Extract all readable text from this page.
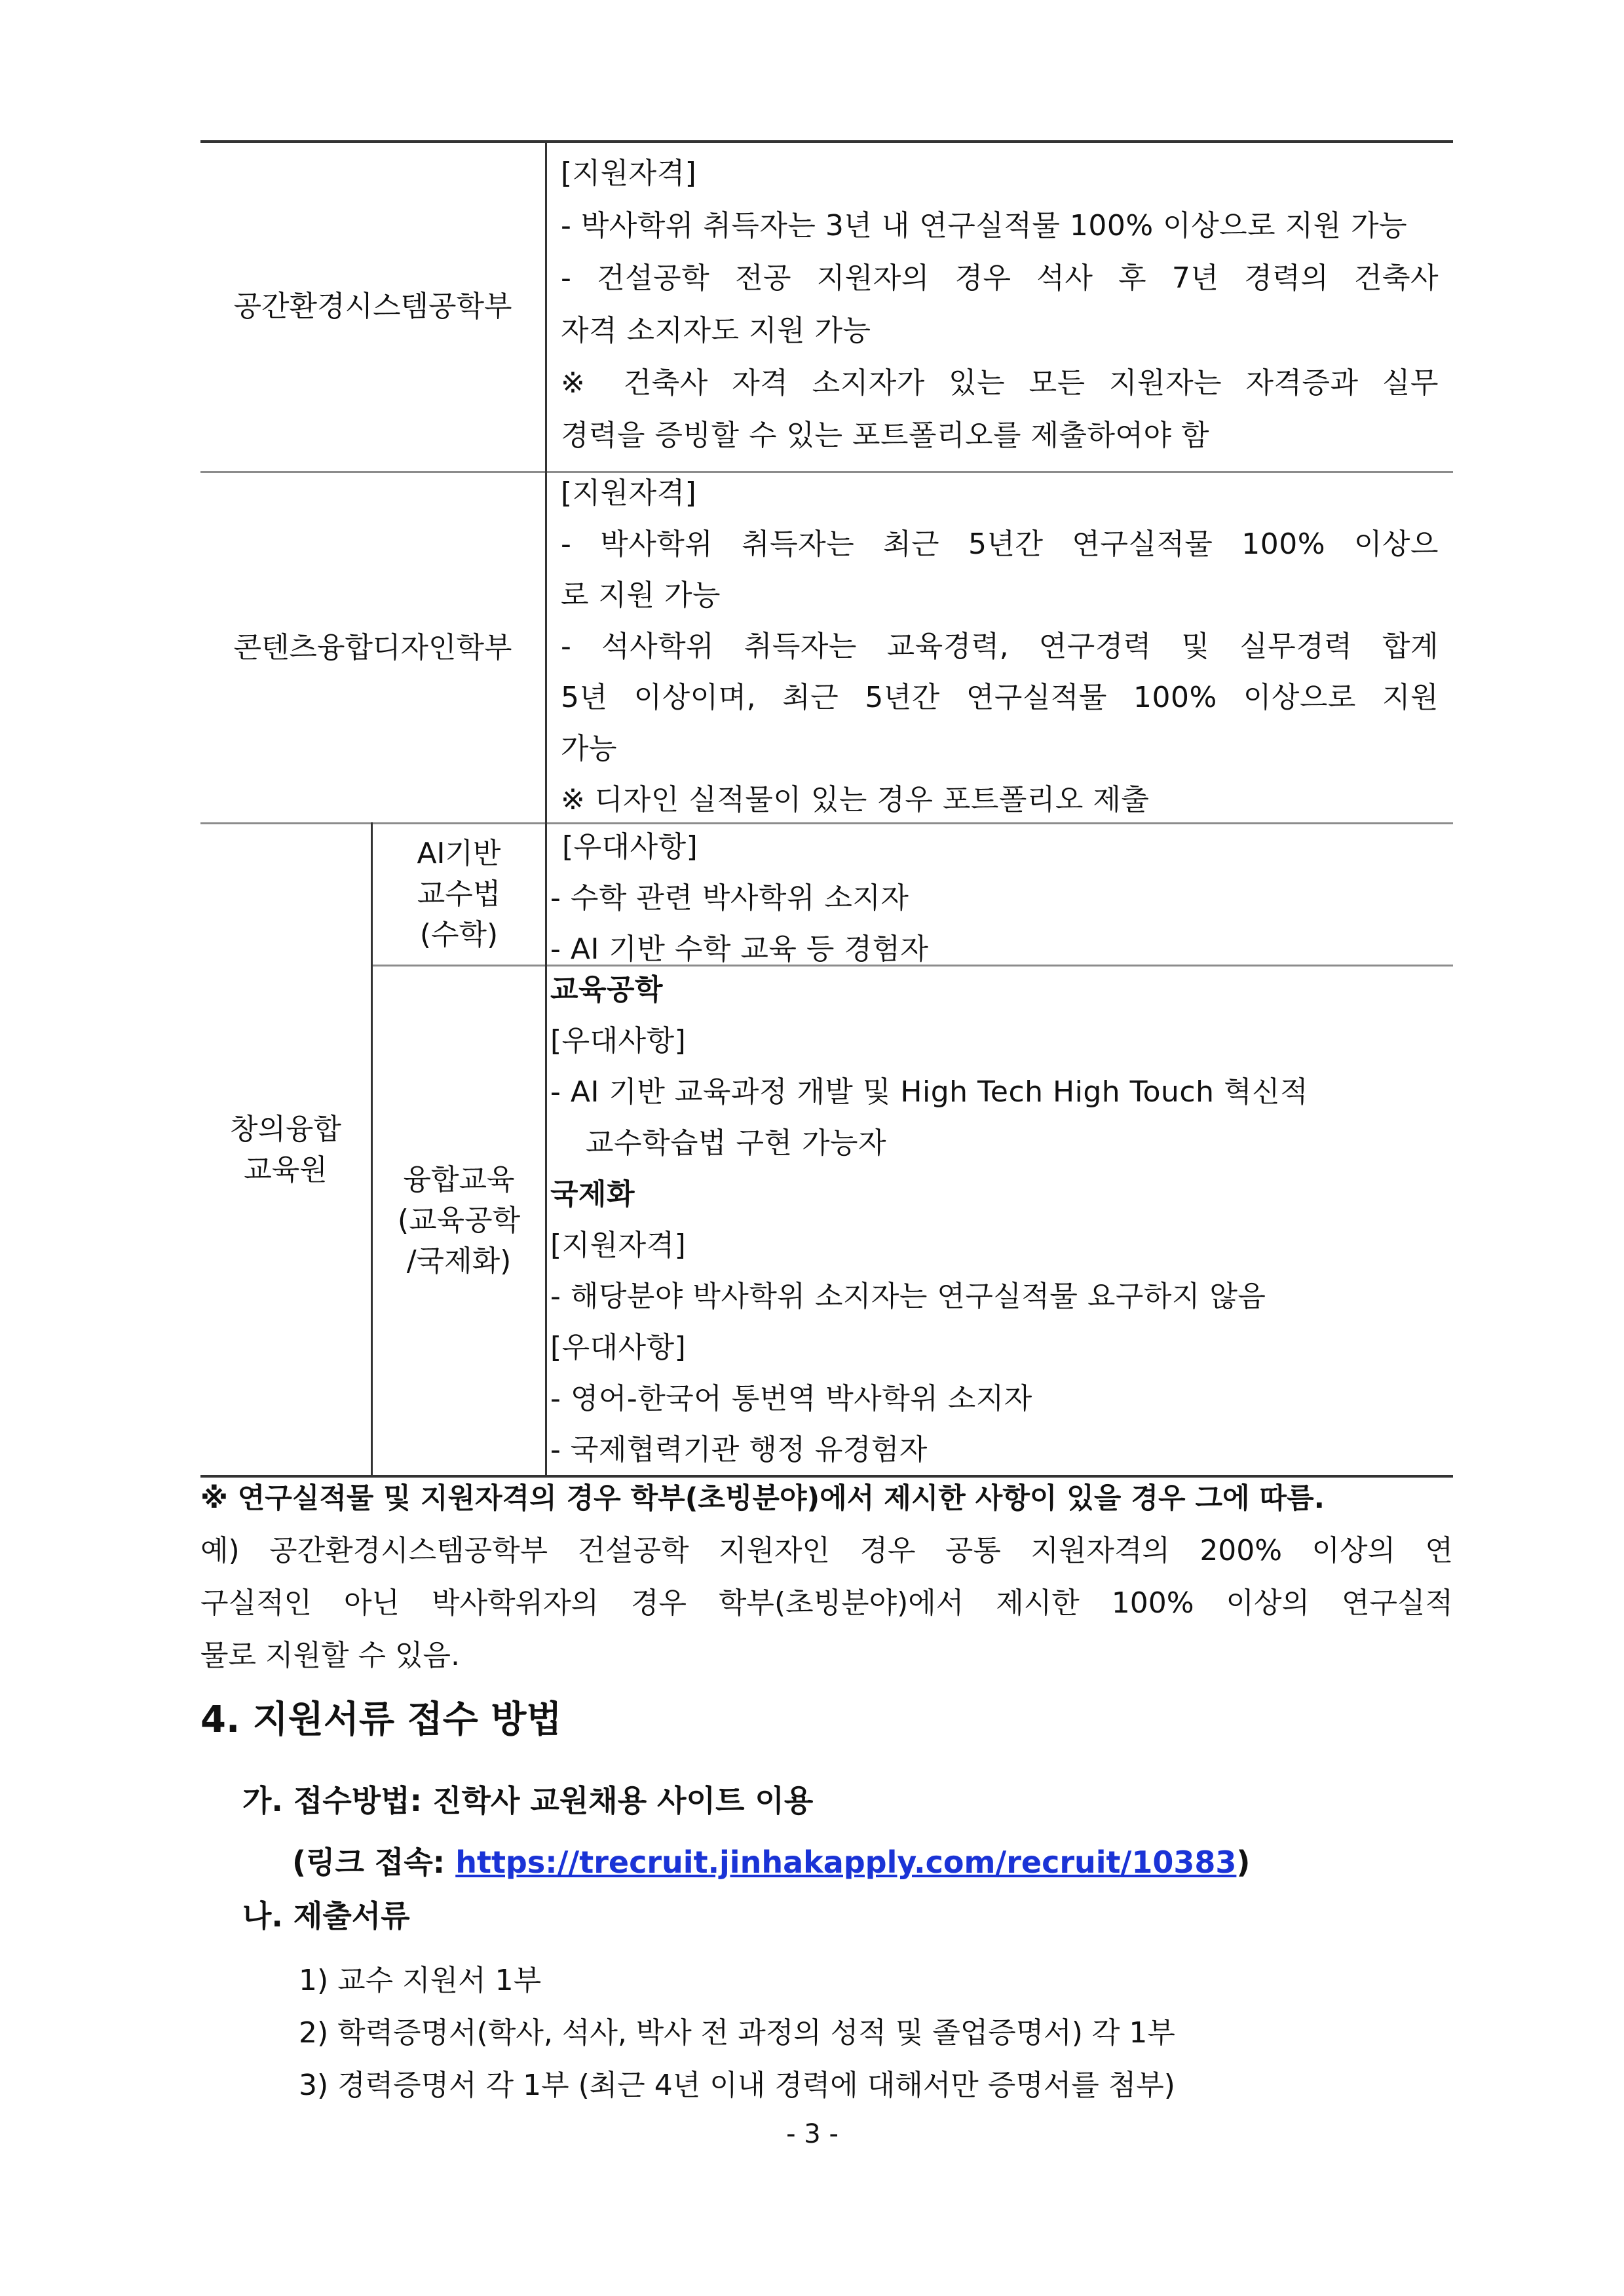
공간환경시스템공학부
[지원자격]
- 박사학위 취득자는 3년 내 연구실적물 100% 이상으로 지원 가능
- 건설공학 전공 지원자의 경우 석사 후 7년 경력의 건축사
자격 소지자도 지원 가능
※ 건축사 자격 소지자가 있는 모든 지원자는 자격증과 실무
경력을 증빙할 수 있는 포트폴리오를 제출하여야 함
콘텐츠융합디자인학부
[지원자격]
- 박사학위 취득자는 최근 5년간 연구실적물 100% 이상으
로 지원 가능
- 석사학위 취득자는 교육경력, 연구경력 및 실무경력 합계
5년 이상이며, 최근 5년간 연구실적물 100% 이상으로 지원
가능
※ 디자인 실적물이 있는 경우 포트폴리오 제출
창의융합
교육원
AI기반
교수법
(수학)
[우대사항]
- 수학 관련 박사학위 소지자
- AI 기반 수학 교육 등 경험자
융합교육
(교육공학
/국제화)
교육공학
[우대사항]
- AI 기반 교육과정 개발 및 High Tech High Touch 혁신적
교수학습법 구현 가능자
국제화
[지원자격]
- 해당분야 박사학위 소지자는 연구실적물 요구하지 않음
[우대사항]
- 영어-한국어 통번역 박사학위 소지자
- 국제협력기관 행정 유경험자
※ 연구실적물 및 지원자격의 경우 학부(초빙분야)에서 제시한 사항이 있을 경우 그에 따름.
예) 공간환경시스템공학부 건설공학 지원자인 경우 공통 지원자격의 200% 이상의 연
구실적인 아닌 박사학위자의 경우 학부(초빙분야)에서 제시한 100% 이상의 연구실적
물로 지원할 수 있음.
4. 지원서류 접수 방법
가. 접수방법: 진학사 교원채용 사이트 이용
(링크 접속: https://trecruit.jinhakapply.com/recruit/10383)
나. 제출서류
1) 교수 지원서 1부
2) 학력증명서(학사, 석사, 박사 전 과정의 성적 및 졸업증명서) 각 1부
3) 경력증명서 각 1부 (최근 4년 이내 경력에 대해서만 증명서를 첨부)
- 3 -
